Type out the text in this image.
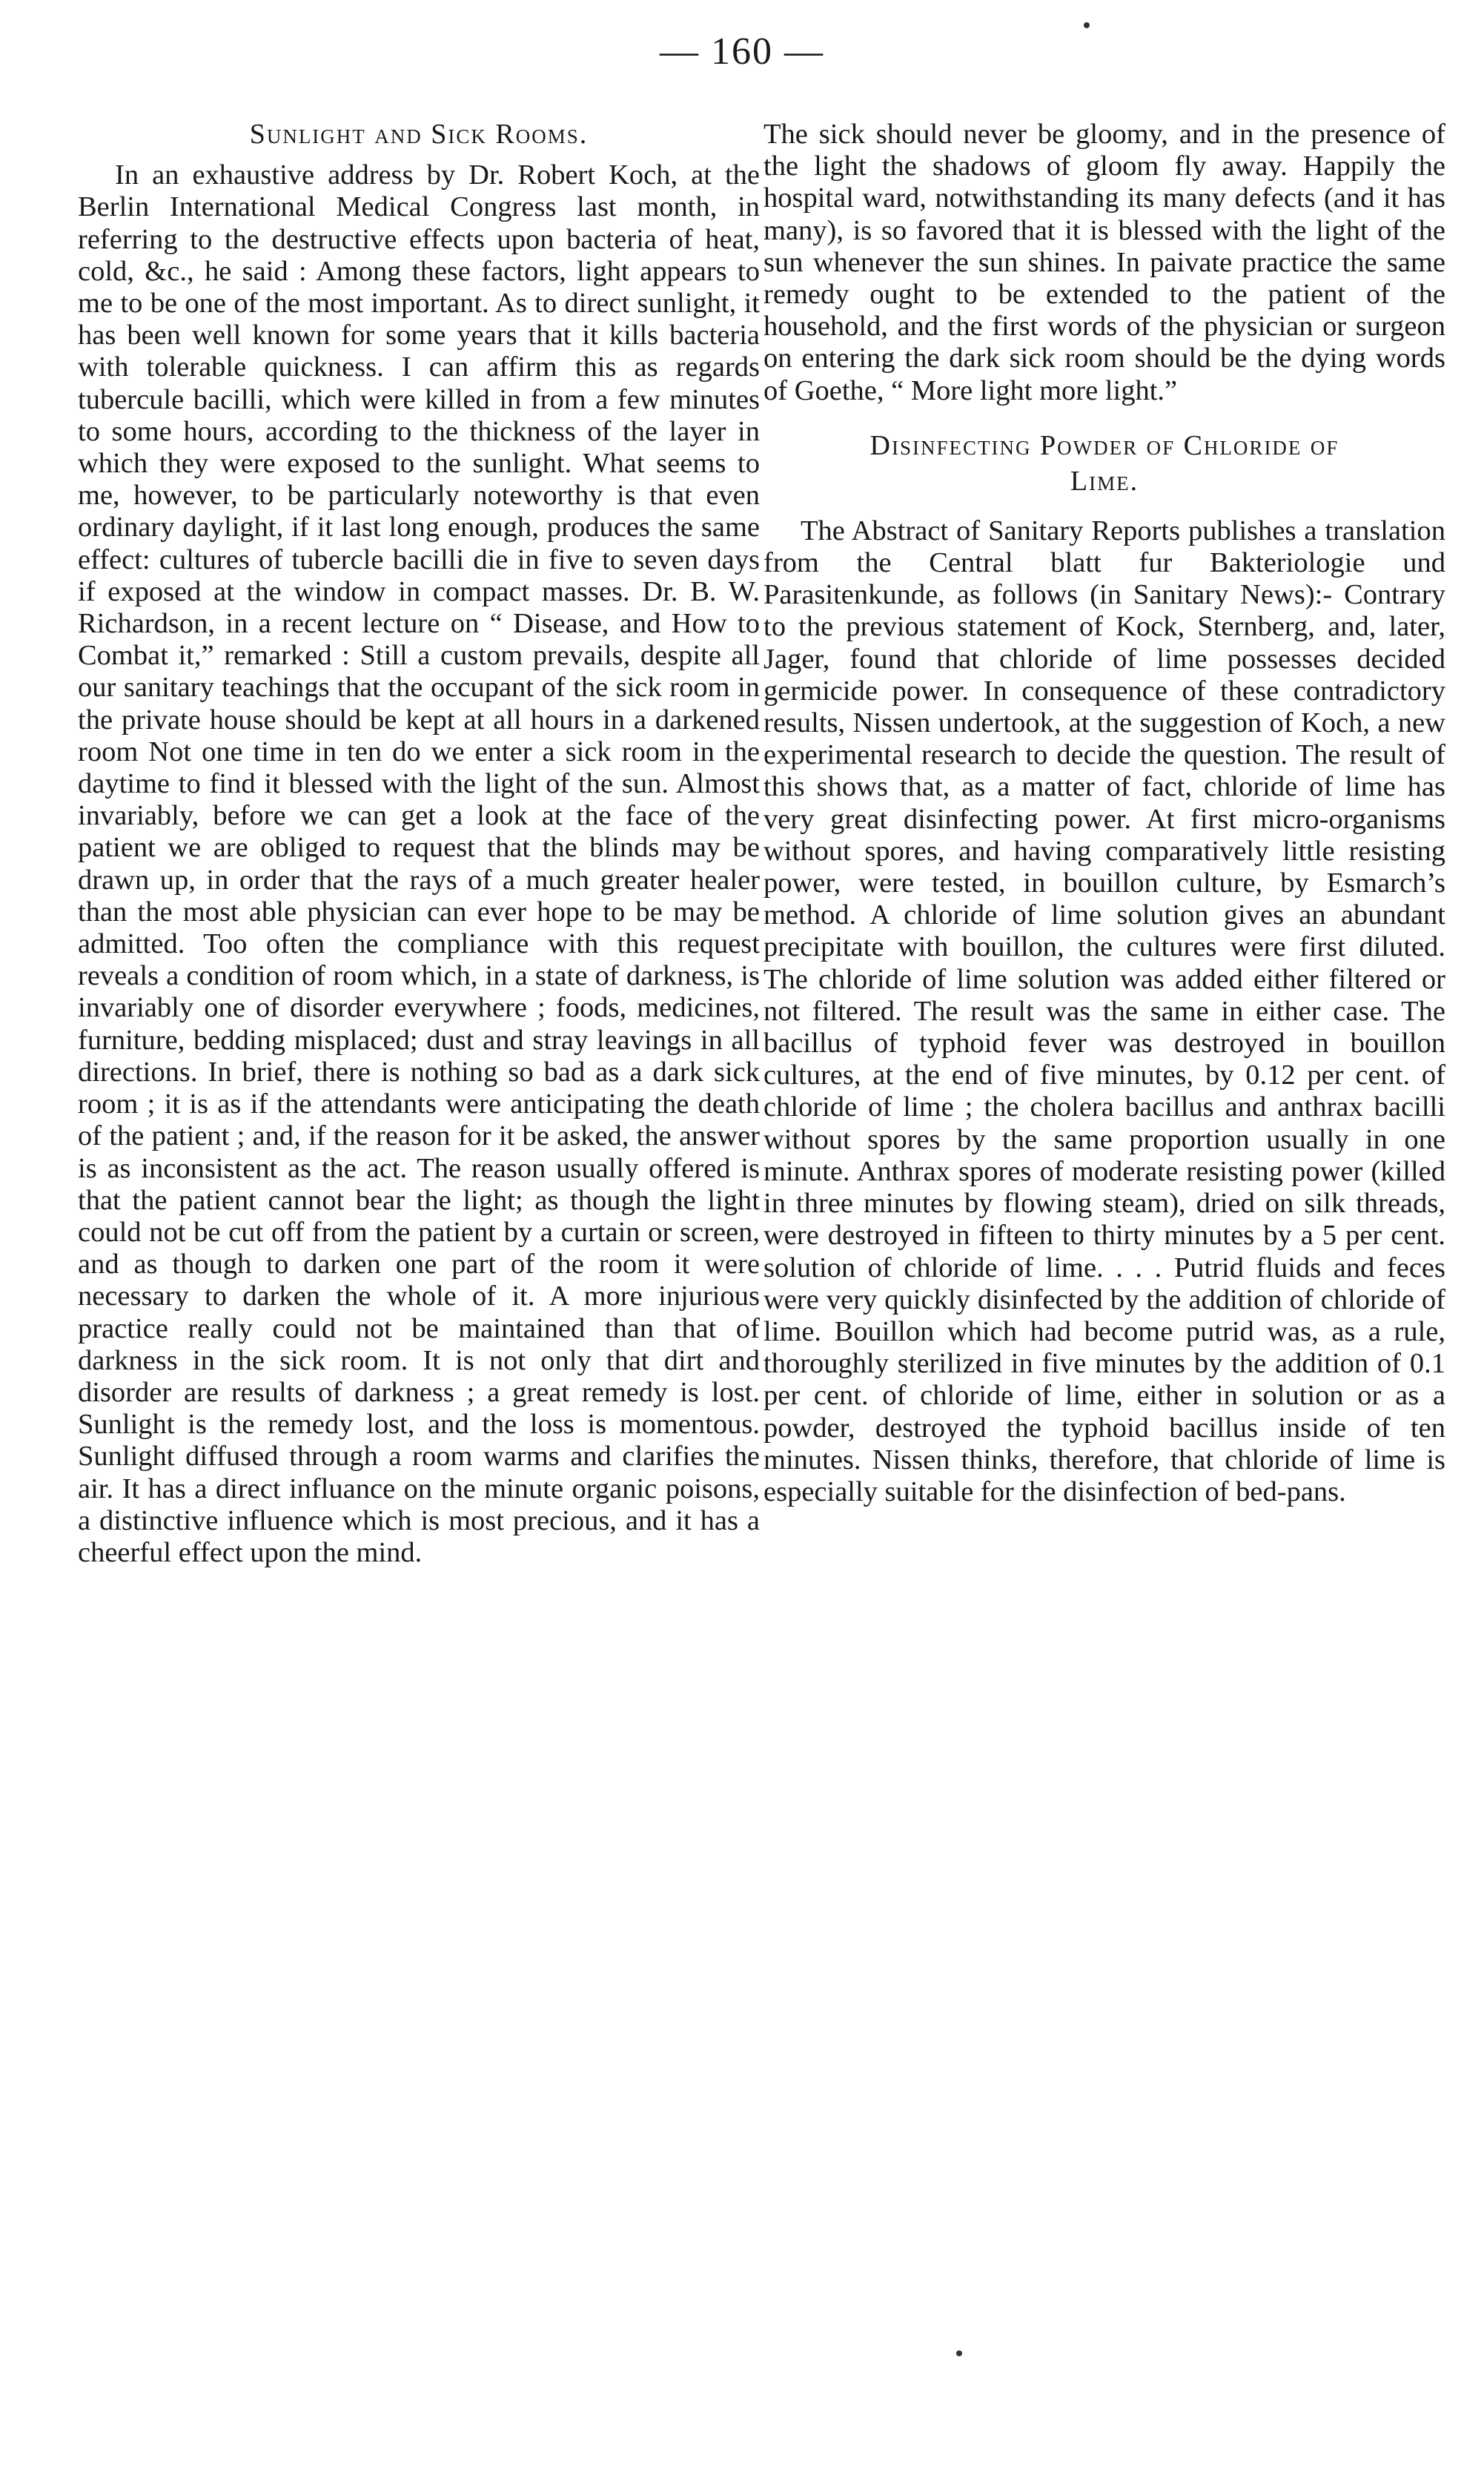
— 160 —
Sunlight and Sick Rooms.

In an exhaustive address by Dr. Robert Koch, at the Berlin International Medical Congress last month, in referring to the destructive effects upon bacteria of heat, cold, &c., he said : Among these factors, light appears to me to be one of the most important. As to direct sunlight, it has been well known for some years that it kills bacteria with tolerable quickness. I can affirm this as regards tubercule bacilli, which were killed in from a few minutes to some hours, according to the thickness of the layer in which they were exposed to the sunlight. What seems to me, however, to be particularly noteworthy is that even ordinary daylight, if it last long enough, produces the same effect: cultures of tubercle bacilli die in five to seven days if exposed at the window in compact masses. Dr. B. W. Richardson, in a recent lecture on “ Disease, and How to Combat it,” remarked : Still a custom prevails, despite all our sanitary teachings that the occupant of the sick room in the private house should be kept at all hours in a darkened room Not one time in ten do we enter a sick room in the daytime to find it blessed with the light of the sun. Almost invariably, before we can get a look at the face of the patient we are obliged to request that the blinds may be drawn up, in order that the rays of a much greater healer than the most able physician can ever hope to be may be admitted. Too often the compliance with this request reveals a condition of room which, in a state of darkness, is invariably one of disorder everywhere ; foods, medicines, furniture, bedding misplaced; dust and stray leavings in all directions. In brief, there is nothing so bad as a dark sick room ; it is as if the attendants were anticipating the death of the patient ; and, if the reason for it be asked, the answer is as inconsistent as the act. The reason usually offered is that the patient cannot bear the light; as though the light could not be cut off from the patient by a curtain or screen, and as though to darken one part of the room it were necessary to darken the whole of it. A more injurious practice really could not be maintained than that of darkness in the sick room. It is not only that dirt and disorder are results of darkness ; a great remedy is lost. Sunlight is the remedy lost, and the loss is momentous. Sunlight diffused through a room warms and clarifies the air. It has a direct influance on the minute organic poisons, a distinctive influence which is most precious, and it has a cheerful effect upon the mind.

The sick should never be gloomy, and in the presence of the light the shadows of gloom fly away. Happily the hospital ward, notwithstanding its many defects (and it has many), is so favored that it is blessed with the light of the sun whenever the sun shines. In paivate practice the same remedy ought to be extended to the patient of the household, and the first words of the physician or surgeon on entering the dark sick room should be the dying words of Goethe, “ More light more light.”

Disinfecting Powder of Chloride of
Lime.

The Abstract of Sanitary Reports publishes a translation from the Central blatt fur Bakteriologie und Parasitenkunde, as follows (in Sanitary News):- Contrary to the previous statement of Kock, Sternberg, and, later, Jager, found that chloride of lime possesses decided germicide power. In consequence of these contradictory results, Nissen undertook, at the suggestion of Koch, a new experimental research to decide the question. The result of this shows that, as a matter of fact, chloride of lime has very great disinfecting power. At first micro-organisms without spores, and having comparatively little resisting power, were tested, in bouillon culture, by Esmarch’s method. A chloride of lime solution gives an abundant precipitate with bouillon, the cultures were first diluted. The chloride of lime solution was added either filtered or not filtered. The result was the same in either case. The bacillus of typhoid fever was destroyed in bouillon cultures, at the end of five minutes, by 0.12 per cent. of chloride of lime ; the cholera bacillus and anthrax bacilli without spores by the same proportion usually in one minute. Anthrax spores of moderate resisting power (killed in three minutes by flowing steam), dried on silk threads, were destroyed in fifteen to thirty minutes by a 5 per cent. solution of chloride of lime. . . . Putrid fluids and feces were very quickly disinfected by the addition of chloride of lime. Bouillon which had become putrid was, as a rule, thoroughly sterilized in five minutes by the addition of 0.1 per cent. of chloride of lime, either in solution or as a powder, destroyed the typhoid bacillus inside of ten minutes. Nissen thinks, therefore, that chloride of lime is especially suitable for the disinfection of bed-pans.
